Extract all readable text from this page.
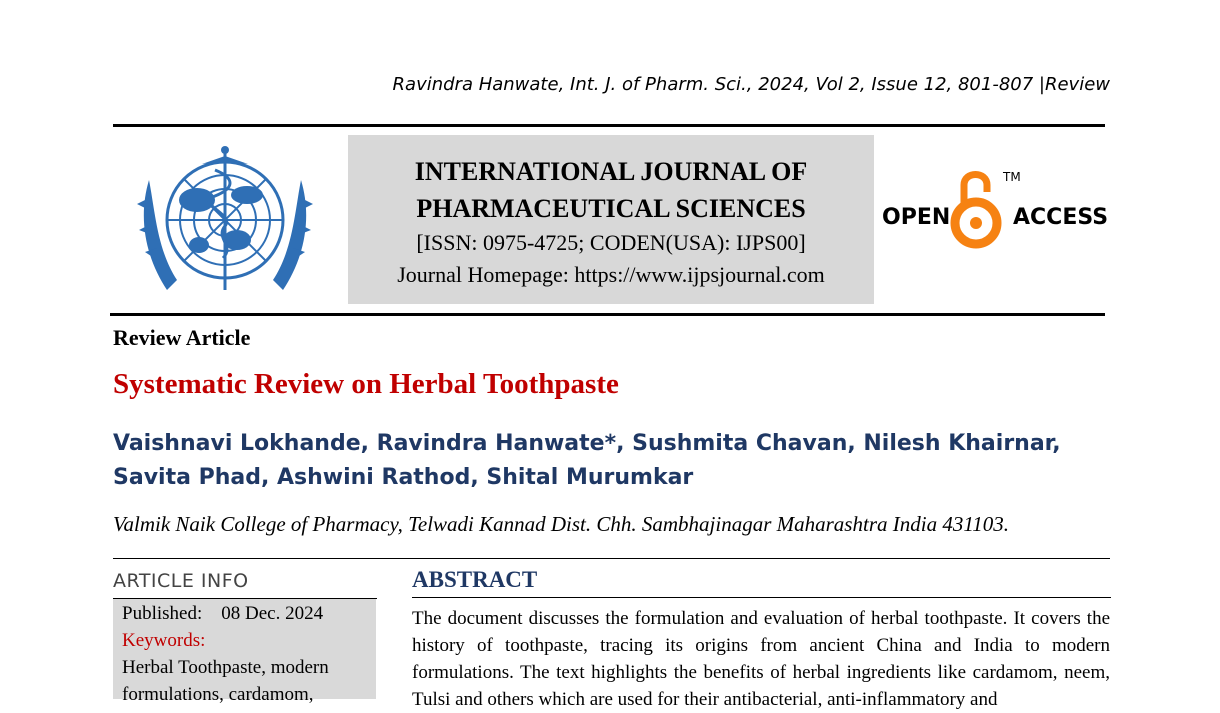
Ravindra Hanwate, Int. J. of Pharm. Sci., 2024, Vol 2, Issue 12, 801-807 |Review
INTERNATIONAL JOURNAL OF PHARMACEUTICAL SCIENCES
[ISSN: 0975-4725; CODEN(USA): IJPS00]
Journal Homepage: https://www.ijpsjournal.com
OPEN	ACCESS
TM
Review Article
Systematic Review on Herbal Toothpaste
Vaishnavi Lokhande, Ravindra Hanwate*, Sushmita Chavan, Nilesh Khairnar,
Savita Phad, Ashwini Rathod, Shital Murumkar
Valmik Naik College of Pharmacy, Telwadi Kannad Dist. Chh. Sambhajinagar Maharashtra India 431103.
ARTICLE INFO
Published: 08 Dec. 2024
Keywords:
Herbal Toothpaste, modern formulations, cardamom,
ABSTRACT
The document discusses the formulation and evaluation of herbal toothpaste. It covers the history of toothpaste, tracing its origins from ancient China and India to modern formulations. The text highlights the benefits of herbal ingredients like cardamom, neem, Tulsi and others which are used for their antibacterial, anti-inflammatory and
